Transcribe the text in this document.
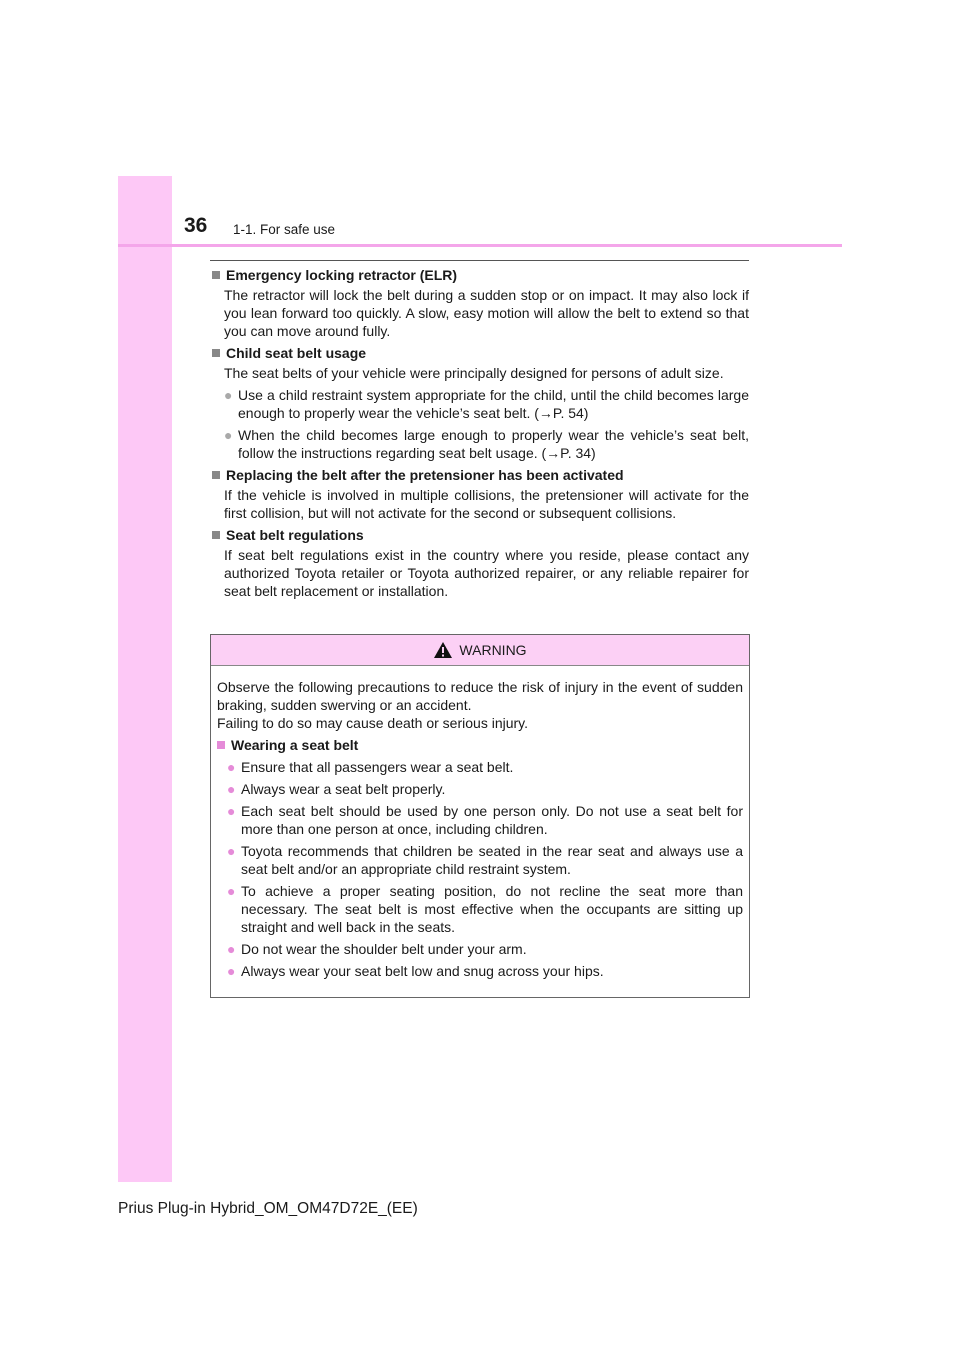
36 1-1. For safe use
Emergency locking retractor (ELR)
The retractor will lock the belt during a sudden stop or on impact. It may also lock if you lean forward too quickly. A slow, easy motion will allow the belt to extend so that you can move around fully.
Child seat belt usage
The seat belts of your vehicle were principally designed for persons of adult size.
● Use a child restraint system appropriate for the child, until the child becomes large enough to properly wear the vehicle’s seat belt. (→P. 54)
● When the child becomes large enough to properly wear the vehicle’s seat belt, follow the instructions regarding seat belt usage. (→P. 34)
Replacing the belt after the pretensioner has been activated
If the vehicle is involved in multiple collisions, the pretensioner will activate for the first collision, but will not activate for the second or subsequent collisions.
Seat belt regulations
If seat belt regulations exist in the country where you reside, please contact any authorized Toyota retailer or Toyota authorized repairer, or any reliable repairer for seat belt replacement or installation.
WARNING
Observe the following precautions to reduce the risk of injury in the event of sudden braking, sudden swerving or an accident.
Failing to do so may cause death or serious injury.
Wearing a seat belt
● Ensure that all passengers wear a seat belt.
● Always wear a seat belt properly.
● Each seat belt should be used by one person only. Do not use a seat belt for more than one person at once, including children.
● Toyota recommends that children be seated in the rear seat and always use a seat belt and/or an appropriate child restraint system.
● To achieve a proper seating position, do not recline the seat more than necessary. The seat belt is most effective when the occupants are sitting up straight and well back in the seats.
● Do not wear the shoulder belt under your arm.
● Always wear your seat belt low and snug across your hips.
Prius Plug-in Hybrid_OM_OM47D72E_(EE)
